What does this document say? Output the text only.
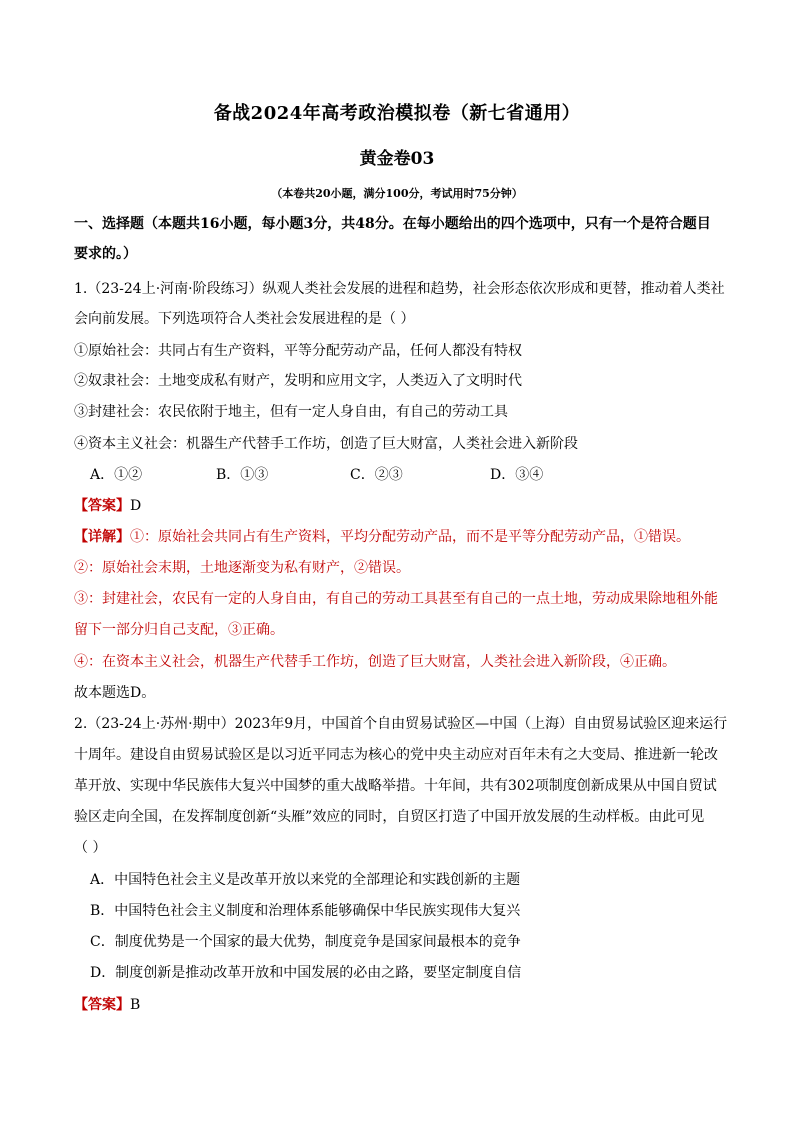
备战2024年高考政治模拟卷（新七省通用）
黄金卷03
（本卷共20小题，满分100分，考试用时75分钟）
一、选择题（本题共16小题，每小题3分，共48分。在每小题给出的四个选项中，只有一个是符合题目
要求的。）
1.（23-24上·河南·阶段练习）纵观人类社会发展的进程和趋势，社会形态依次形成和更替，推动着人类社
会向前发展。下列选项符合人类社会发展进程的是（ ）
①原始社会：共同占有生产资料，平等分配劳动产品，任何人都没有特权
②奴隶社会：土地变成私有财产，发明和应用文字，人类迈入了文明时代
③封建社会：农民依附于地主，但有一定人身自由，有自己的劳动工具
④资本主义社会：机器生产代替手工作坊，创造了巨大财富，人类社会进入新阶段
A．①②	B．①③	C．②③	D．③④
【答案】D
【详解】①：原始社会共同占有生产资料，平均分配劳动产品，而不是平等分配劳动产品，①错误。
②：原始社会末期，土地逐渐变为私有财产，②错误。
③：封建社会，农民有一定的人身自由，有自己的劳动工具甚至有自己的一点土地，劳动成果除地租外能
留下一部分归自己支配，③正确。
④：在资本主义社会，机器生产代替手工作坊，创造了巨大财富，人类社会进入新阶段，④正确。
故本题选D。
2.（23-24上·苏州·期中）2023年9月，中国首个自由贸易试验区—中国（上海）自由贸易试验区迎来运行
十周年。建设自由贸易试验区是以习近平同志为核心的党中央主动应对百年未有之大变局、推进新一轮改
革开放、实现中华民族伟大复兴中国梦的重大战略举措。十年间，共有302项制度创新成果从中国自贸试
验区走向全国，在发挥制度创新“头雁”效应的同时，自贸区打造了中国开放发展的生动样板。由此可见
（ ）
A．中国特色社会主义是改革开放以来党的全部理论和实践创新的主题
B．中国特色社会主义制度和治理体系能够确保中华民族实现伟大复兴
C．制度优势是一个国家的最大优势，制度竞争是国家间最根本的竞争
D．制度创新是推动改革开放和中国发展的必由之路，要坚定制度自信
【答案】B
